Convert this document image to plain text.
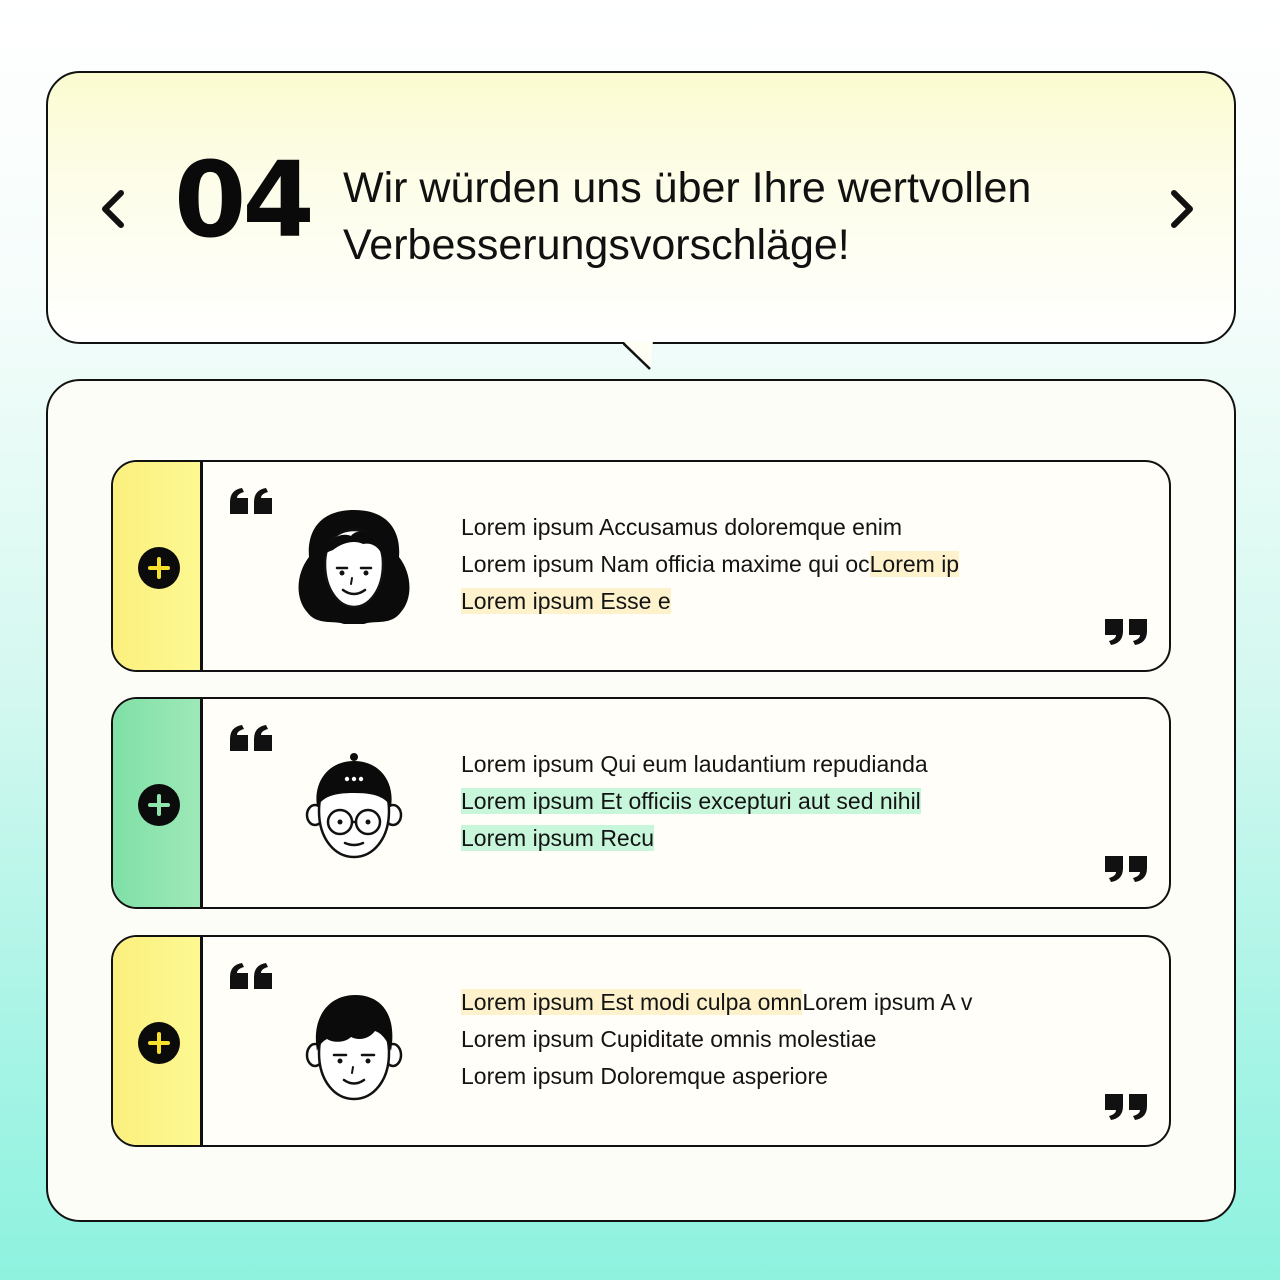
04 Wir würden uns über Ihre wertvollen
Verbesserungsvorschläge!
Lorem ipsum Accusamus doloremque enim
Lorem ipsum Nam officia maxime qui ocLorem ip
Lorem ipsum Esse e
Lorem ipsum Qui eum laudantium repudianda
Lorem ipsum Et officiis excepturi aut sed nihil
Lorem ipsum Recu
Lorem ipsum Est modi culpa omnLorem ipsum A v
Lorem ipsum Cupiditate omnis molestiae
Lorem ipsum Doloremque asperiore
